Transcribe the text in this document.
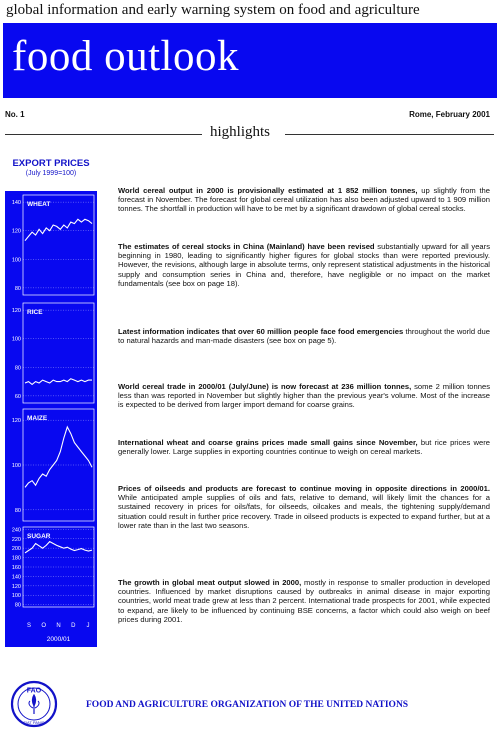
global information and early warning system on food and agriculture
food outlook
No. 1	Rome, February 2001
highlights
EXPORT PRICES
(July 1999=100)
140
120
100
80
WHEAT
120
100
80
60
RICE
120
100
80
MAIZE
240
220
200
180
160
140
120
100
80
SUGAR
S O N D J
2000/01
World cereal output in 2000 is provisionally estimated at 1 852 million tonnes, up slightly from the forecast in November. The forecast for global cereal utilization has also been adjusted upward to 1 909 million tonnes. The shortfall in production will have to be met by a significant drawdown of global cereal stocks.
The estimates of cereal stocks in China (Mainland) have been revised substantially upward for all years beginning in 1980, leading to significantly higher figures for global stocks than were reported previously. However, the revisions, although large in absolute terms, only represent statistical adjustments in the historical supply and consumption series in China and, therefore, have negligible or no impact on the market fundamentals (see box on page 18).
Latest information indicates that over 60 million people face food emergencies throughout the world due to natural hazards and man-made disasters (see box on page 5).
World cereal trade in 2000/01 (July/June) is now forecast at 236 million tonnes, some 2 million tonnes less than was reported in November but slightly higher than the previous year's volume. Most of the increase is expected to be derived from larger import demand for coarse grains.
International wheat and coarse grains prices made small gains since November, but rice prices were generally lower. Large supplies in exporting countries continue to weigh on cereal markets.
Prices of oilseeds and products are forecast to continue moving in opposite directions in 2000/01. While anticipated ample supplies of oils and fats, relative to demand, will likely limit the chances for a sustained recovery in prices for oils/fats, for oilseeds, oilcakes and meals, the tightening supply/demand situation could result in further price recovery. Trade in oilseed products is expected to expand further, but at a lower rate than in the last two seasons.
The growth in global meat output slowed in 2000, mostly in response to smaller production in developed countries. Influenced by market disruptions caused by outbreaks in animal disease in major exporting countries, world meat trade grew at less than 2 percent. International trade prospects for 2001, while expected to expand, are likely to be influenced by continuing BSE concerns, a factor which could also weigh on beef prices during 2001.
FAO
FIAT PANIS
FOOD AND AGRICULTURE ORGANIZATION OF THE UNITED NATIONS
